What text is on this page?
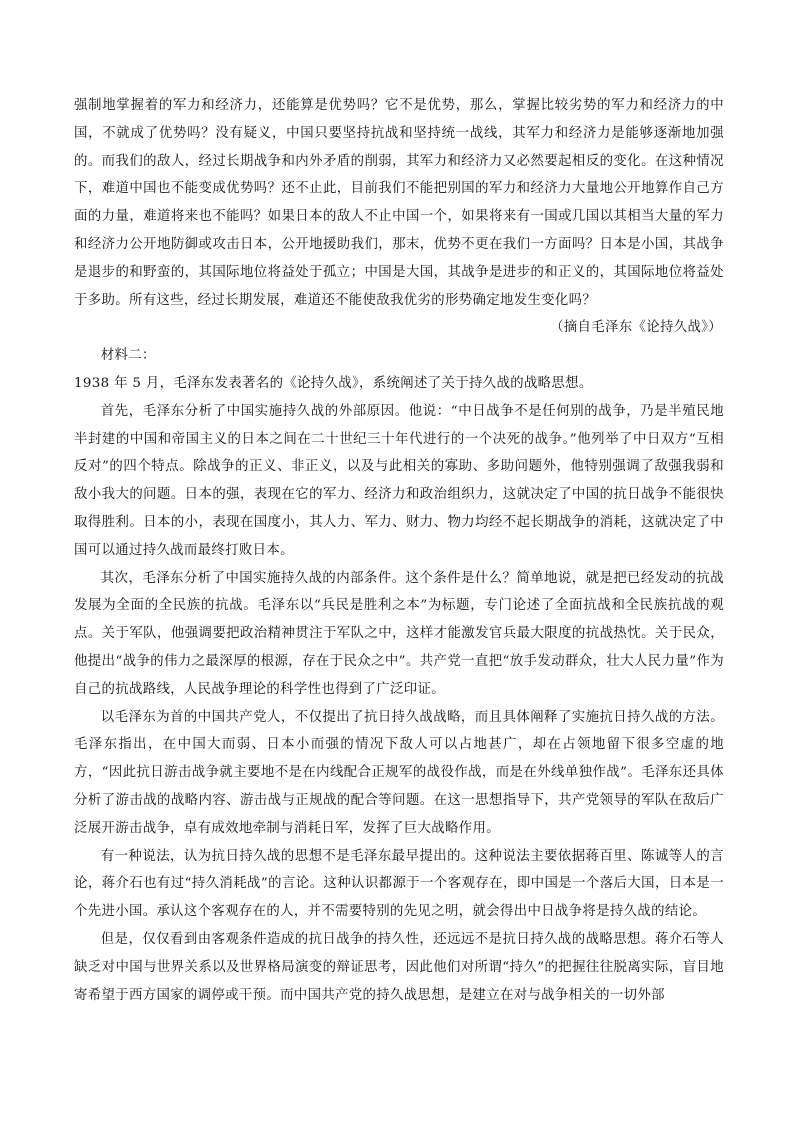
强制地掌握着的军力和经济力，还能算是优势吗？它不是优势，那么，掌握比较劣势的军力和经济力的中国，不就成了优势吗？没有疑义，中国只要坚持抗战和坚持统一战线，其军力和经济力是能够逐渐地加强的。而我们的敌人，经过长期战争和内外矛盾的削弱，其军力和经济力又必然要起相反的变化。在这种情况下，难道中国也不能变成优势吗？还不止此，目前我们不能把别国的军力和经济力大量地公开地算作自己方面的力量，难道将来也不能吗？如果日本的敌人不止中国一个，如果将来有一国或几国以其相当大量的军力和经济力公开地防御或攻击日本，公开地援助我们，那末，优势不更在我们一方面吗？日本是小国，其战争是退步的和野蛮的，其国际地位将益处于孤立；中国是大国，其战争是进步的和正义的，其国际地位将益处于多助。所有这些，经过长期发展，难道还不能使敌我优劣的形势确定地发生变化吗？

（摘自毛泽东《论持久战》）

材料二：

1938 年 5 月，毛泽东发表著名的《论持久战》，系统阐述了关于持久战的战略思想。

首先，毛泽东分析了中国实施持久战的外部原因。他说：“中日战争不是任何别的战争，乃是半殖民地半封建的中国和帝国主义的日本之间在二十世纪三十年代进行的一个决死的战争。”他列举了中日双方“互相反对”的四个特点。除战争的正义、非正义，以及与此相关的寡助、多助问题外，他特别强调了敌强我弱和敌小我大的问题。日本的强，表现在它的军力、经济力和政治组织力，这就决定了中国的抗日战争不能很快取得胜利。日本的小，表现在国度小，其人力、军力、财力、物力均经不起长期战争的消耗，这就决定了中国可以通过持久战而最终打败日本。

其次，毛泽东分析了中国实施持久战的内部条件。这个条件是什么？简单地说，就是把已经发动的抗战发展为全面的全民族的抗战。毛泽东以“兵民是胜利之本”为标题，专门论述了全面抗战和全民族抗战的观点。关于军队，他强调要把政治精神贯注于军队之中，这样才能激发官兵最大限度的抗战热忱。关于民众，他提出“战争的伟力之最深厚的根源，存在于民众之中”。共产党一直把“放手发动群众，壮大人民力量”作为自己的抗战路线，人民战争理论的科学性也得到了广泛印证。

以毛泽东为首的中国共产党人，不仅提出了抗日持久战战略，而且具体阐释了实施抗日持久战的方法。毛泽东指出，在中国大而弱、日本小而强的情况下敌人可以占地甚广，却在占领地留下很多空虚的地方，“因此抗日游击战争就主要地不是在内线配合正规军的战役作战，而是在外线单独作战”。毛泽东还具体分析了游击战的战略内容、游击战与正规战的配合等问题。在这一思想指导下，共产党领导的军队在敌后广泛展开游击战争，卓有成效地牵制与消耗日军，发挥了巨大战略作用。

有一种说法，认为抗日持久战的思想不是毛泽东最早提出的。这种说法主要依据蒋百里、陈诚等人的言论，蒋介石也有过“持久消耗战”的言论。这种认识都源于一个客观存在，即中国是一个落后大国，日本是一个先进小国。承认这个客观存在的人，并不需要特别的先见之明，就会得出中日战争将是持久战的结论。

但是，仅仅看到由客观条件造成的抗日战争的持久性，还远远不是抗日持久战的战略思想。蒋介石等人缺乏对中国与世界关系以及世界格局演变的辩证思考，因此他们对所谓“持久”的把握往往脱离实际，盲目地寄希望于西方国家的调停或干预。而中国共产党的持久战思想，是建立在对与战争相关的一切外部
